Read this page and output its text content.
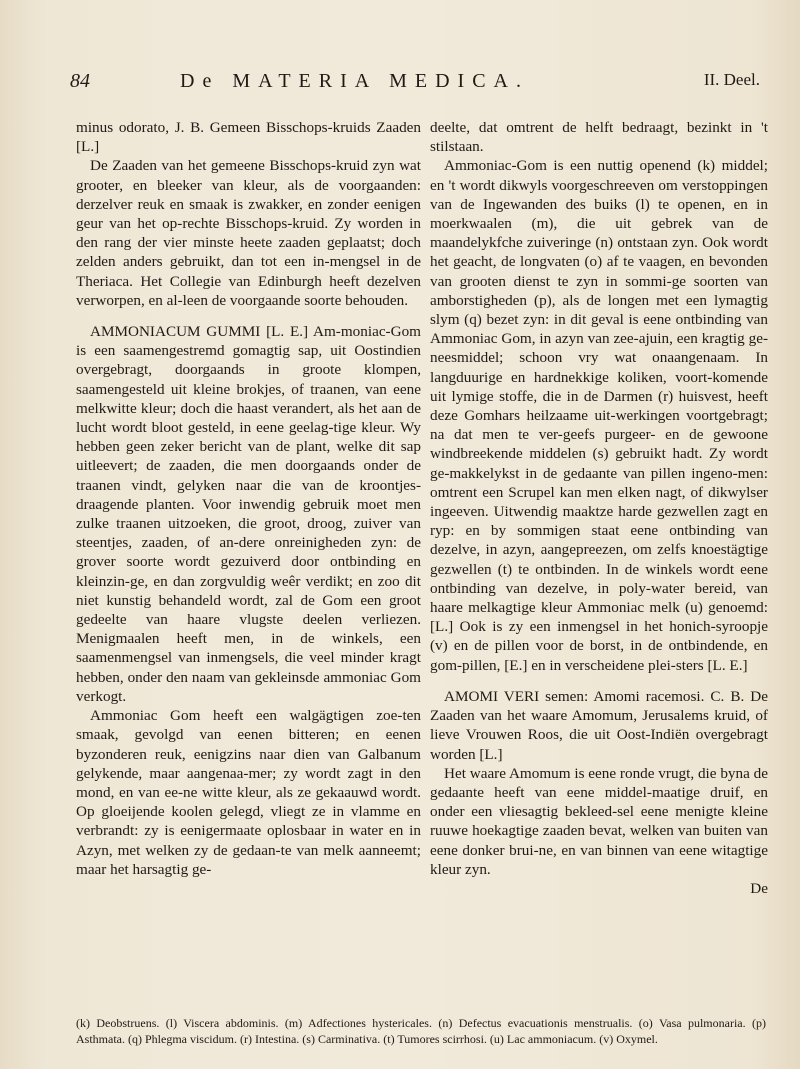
84	De MATERIA MEDICA.	II. Deel.

minus odorato, J. B. Gemeen Bisschops-kruids Zaaden [L.]

De Zaaden van het gemeene Bisschops-kruid zyn wat grooter, en bleeker van kleur, als de voorgaanden: derzelver reuk en smaak is zwakker, en zonder eenigen geur van het op-rechte Bisschops-kruid. Zy worden in den rang der vier minste heete zaaden geplaatst; doch zelden anders gebruikt, dan tot een in-mengsel in de Theriaca. Het Collegie van Edinburgh heeft dezelven verworpen, en al-leen de voorgaande soorte behouden.

AMMONIACUM GUMMI [L. E.] Am-moniac-Gom is een saamengestremd gomagtig sap, uit Oostindien overgebragt, doorgaands in groote klompen, saamengesteld uit kleine brokjes, of traanen, van eene melkwitte kleur; doch die haast verandert, als het aan de lucht wordt bloot gesteld, in eene geelag-tige kleur. Wy hebben geen zeker bericht van de plant, welke dit sap uitleevert; de zaaden, die men doorgaands onder de traanen vindt, gelyken naar die van de kroontjes-draagende planten. Voor inwendig gebruik moet men zulke traanen uitzoeken, die groot, droog, zuiver van steentjes, zaaden, of an-dere onreinigheden zyn: de grover soorte wordt gezuiverd door ontbinding en kleinzin-ge, en dan zorgvuldig weêr verdikt; en zoo dit niet kunstig behandeld wordt, zal de Gom een groot gedeelte van haare vlugste deelen verliezen. Menigmaalen heeft men, in de winkels, een saamenmengsel van inmengsels, die veel minder kragt hebben, onder den naam van gekleinsde ammoniac Gom verkogt.

Ammoniac Gom heeft een walgägtigen zoe-ten smaak, gevolgd van eenen bitteren; en eenen byzonderen reuk, eenigzins naar dien van Galbanum gelykende, maar aangenaa-mer; zy wordt zagt in den mond, en van ee-ne witte kleur, als ze gekaauwd wordt. Op gloeijende koolen gelegd, vliegt ze in vlamme en verbrandt: zy is eenigermaate oplosbaar in water en in Azyn, met welken zy de gedaan-te van melk aanneemt; maar het harsagtig ge-

deelte, dat omtrent de helft bedraagt, bezinkt in 't stilstaan.

Ammoniac-Gom is een nuttig openend (k) middel; en 't wordt dikwyls voorgeschreeven om verstoppingen van de Ingewanden des buiks (l) te openen, en in moerkwaalen (m), die uit gebrek van de maandelykfche zuiveringe (n) ontstaan zyn. Ook wordt het geacht, de longvaten (o) af te vaagen, en bevonden van grooten dienst te zyn in sommi-ge soorten van amborstigheden (p), als de longen met een lymagtig slym (q) bezet zyn: in dit geval is eene ontbinding van Ammoniac Gom, in azyn van zee-ajuin, een kragtig ge-neesmiddel; schoon vry wat onaangenaam. In langduurige en hardnekkige koliken, voort-komende uit lymige stoffe, die in de Darmen (r) huisvest, heeft deze Gomhars heilzaame uit-werkingen voortgebragt; na dat men te ver-geefs purgeer- en de gewoone windbreekende middelen (s) gebruikt hadt. Zy wordt ge-makkelykst in de gedaante van pillen ingeno-men: omtrent een Scrupel kan men elken nagt, of dikwylser ingeeven. Uitwendig maaktze harde gezwellen zagt en ryp: en by sommigen staat eene ontbinding van dezelve, in azyn, aangepreezen, om zelfs knoestägtige gezwellen (t) te ontbinden. In de winkels wordt eene ontbinding van dezelve, in poly-water bereid, van haare melkagtige kleur Ammoniac melk (u) genoemd: [L.] Ook is zy een inmengsel in het honich-syroopje (v) en de pillen voor de borst, in de ontbindende, en gom-pillen, [E.] en in verscheidene plei-sters [L. E.]

AMOMI VERI semen: Amomi racemosi. C. B. De Zaaden van het waare Amomum, Jerusalems kruid, of lieve Vrouwen Roos, die uit Oost-Indiën overgebragt worden [L.]

Het waare Amomum is eene ronde vrugt, die byna de gedaante heeft van eene middel-maatige druif, en onder een vliesagtig bekleed-sel eene menigte kleine ruuwe hoekagtige zaaden bevat, welken van buiten van eene donker brui-ne, en van binnen van eene witagtige kleur zyn.

De

(k) Deobstruens. (l) Viscera abdominis. (m) Adfectiones hystericales. (n) Defectus evacuationis menstrualis. (o) Vasa pulmonaria. (p) Asthmata. (q) Phlegma viscidum. (r) Intestina. (s) Carminativa. (t) Tumores scirrhosi. (u) Lac ammoniacum. (v) Oxymel.
